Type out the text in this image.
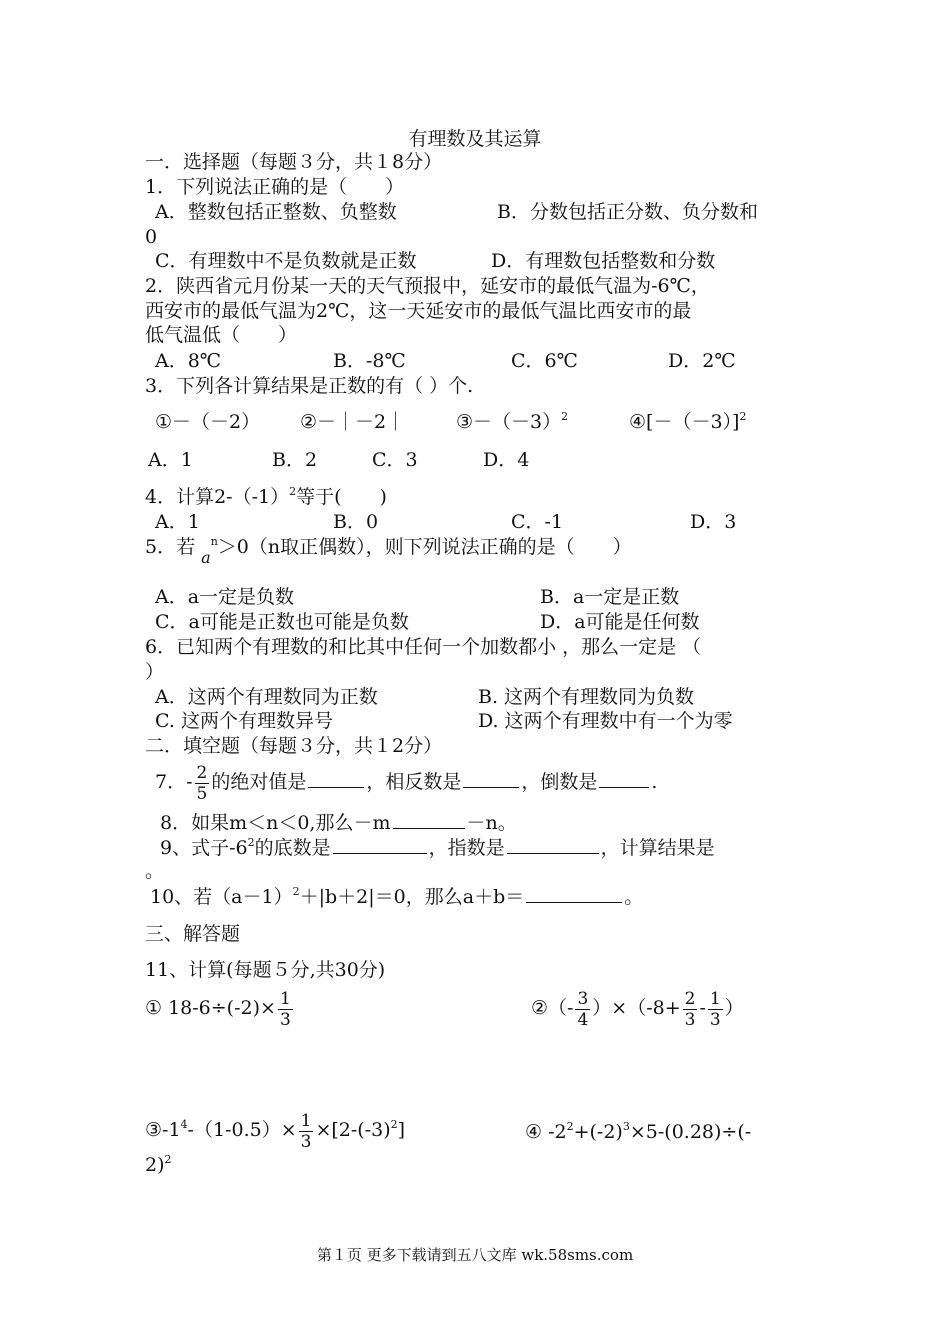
有理数及其运算
一．选择题（每题３分，共１8分）
1．下列说法正确的是（　　）
A．整数包括正整数、负整数	B．分数包括正分数、负分数和
0
C．有理数中不是负数就是正数	D．有理数包括整数和分数
2．陕西省元月份某一天的天气预报中，延安市的最低气温为-6℃，
西安市的最低气温为2℃，这一天延安市的最低气温比西安市的最
低气温低（　　）
A．8℃	B．-8℃	C．6℃	D．2℃
3．下列各计算结果是正数的有（ ）个.
①－（－2） ②－｜－2｜	$③-(-3)^2$	$④[-(-3)]^2$
A．1	B．2	C．3	D．4
4．计算$2-(-1)^2$等于(　　)
A．1	B．0	C．-1	D．3
5．若 $_a^n$＞0（n取正偶数），则下列说法正确的是（　　）
A．a一定是负数	B．a一定是正数
C．a可能是正数也可能是负数	D．a可能是任何数
6．已知两个有理数的和比其中任何一个加数都小 ，那么一定是 （
）
A．这两个有理数同为正数	B. 这两个有理数同为负数
C. 这两个有理数异号	D. 这两个有理数中有一个为零
二．填空题（每题３分，共１2分）
7．- $\frac{2}{5}$ 的绝对值是	，相反数是	，倒数是	.
8．如果m＜n＜0,那么－m	－n。
9、式子$-6^2$的底数是	，指数是	，计算结果是
。
10、若$(a-1)^2+|b+2|=0$，那么a＋b＝	。
三、解答题
11、计算(每题５分,共30分)
① $18-6\div(-2)\times \frac{1}{3}$	②（- $\frac{3}{4} )\times(-8+ \frac{2}{3} - \frac{1}{3}$ ）
$③-1^4-(1-0.5)\times \frac{1}{3} \times[2-(-3)^2]$	④ $-2^2+(-2)^3\times 5-(0.28)\div(-$
2)$^2$
第１页 更多下载请到五八文库 wk.58sms.com
